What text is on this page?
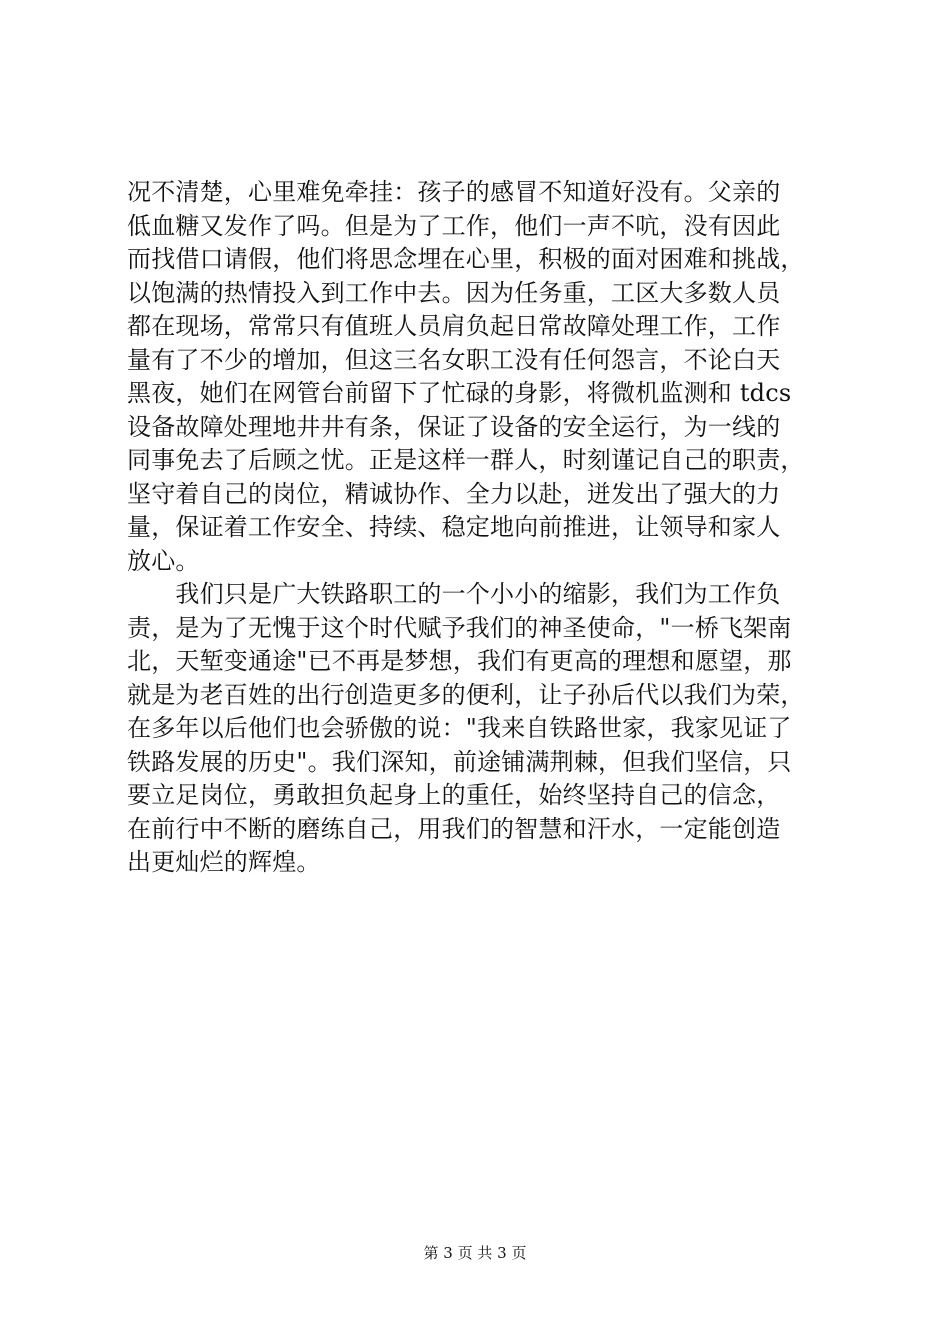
况不清楚，心里难免牵挂：孩子的感冒不知道好没有。父亲的
低血糖又发作了吗。但是为了工作，他们一声不吭，没有因此
而找借口请假，他们将思念埋在心里，积极的面对困难和挑战，
以饱满的热情投入到工作中去。因为任务重，工区大多数人员
都在现场，常常只有值班人员肩负起日常故障处理工作，工作
量有了不少的增加，但这三名女职工没有任何怨言，不论白天
黑夜，她们在网管台前留下了忙碌的身影，将微机监测和 tdcs
设备故障处理地井井有条，保证了设备的安全运行，为一线的
同事免去了后顾之忧。正是这样一群人，时刻谨记自己的职责，
坚守着自己的岗位，精诚协作、全力以赴，迸发出了强大的力
量，保证着工作安全、持续、稳定地向前推进，让领导和家人
放心。
　　我们只是广大铁路职工的一个小小的缩影，我们为工作负
责，是为了无愧于这个时代赋予我们的神圣使命，"一桥飞架南
北，天堑变通途"已不再是梦想，我们有更高的理想和愿望，那
就是为老百姓的出行创造更多的便利，让子孙后代以我们为荣，
在多年以后他们也会骄傲的说："我来自铁路世家，我家见证了
铁路发展的历史"。我们深知，前途铺满荆棘，但我们坚信，只
要立足岗位，勇敢担负起身上的重任，始终坚持自己的信念，
在前行中不断的磨练自己，用我们的智慧和汗水，一定能创造
出更灿烂的辉煌。
第 3 页 共 3 页
